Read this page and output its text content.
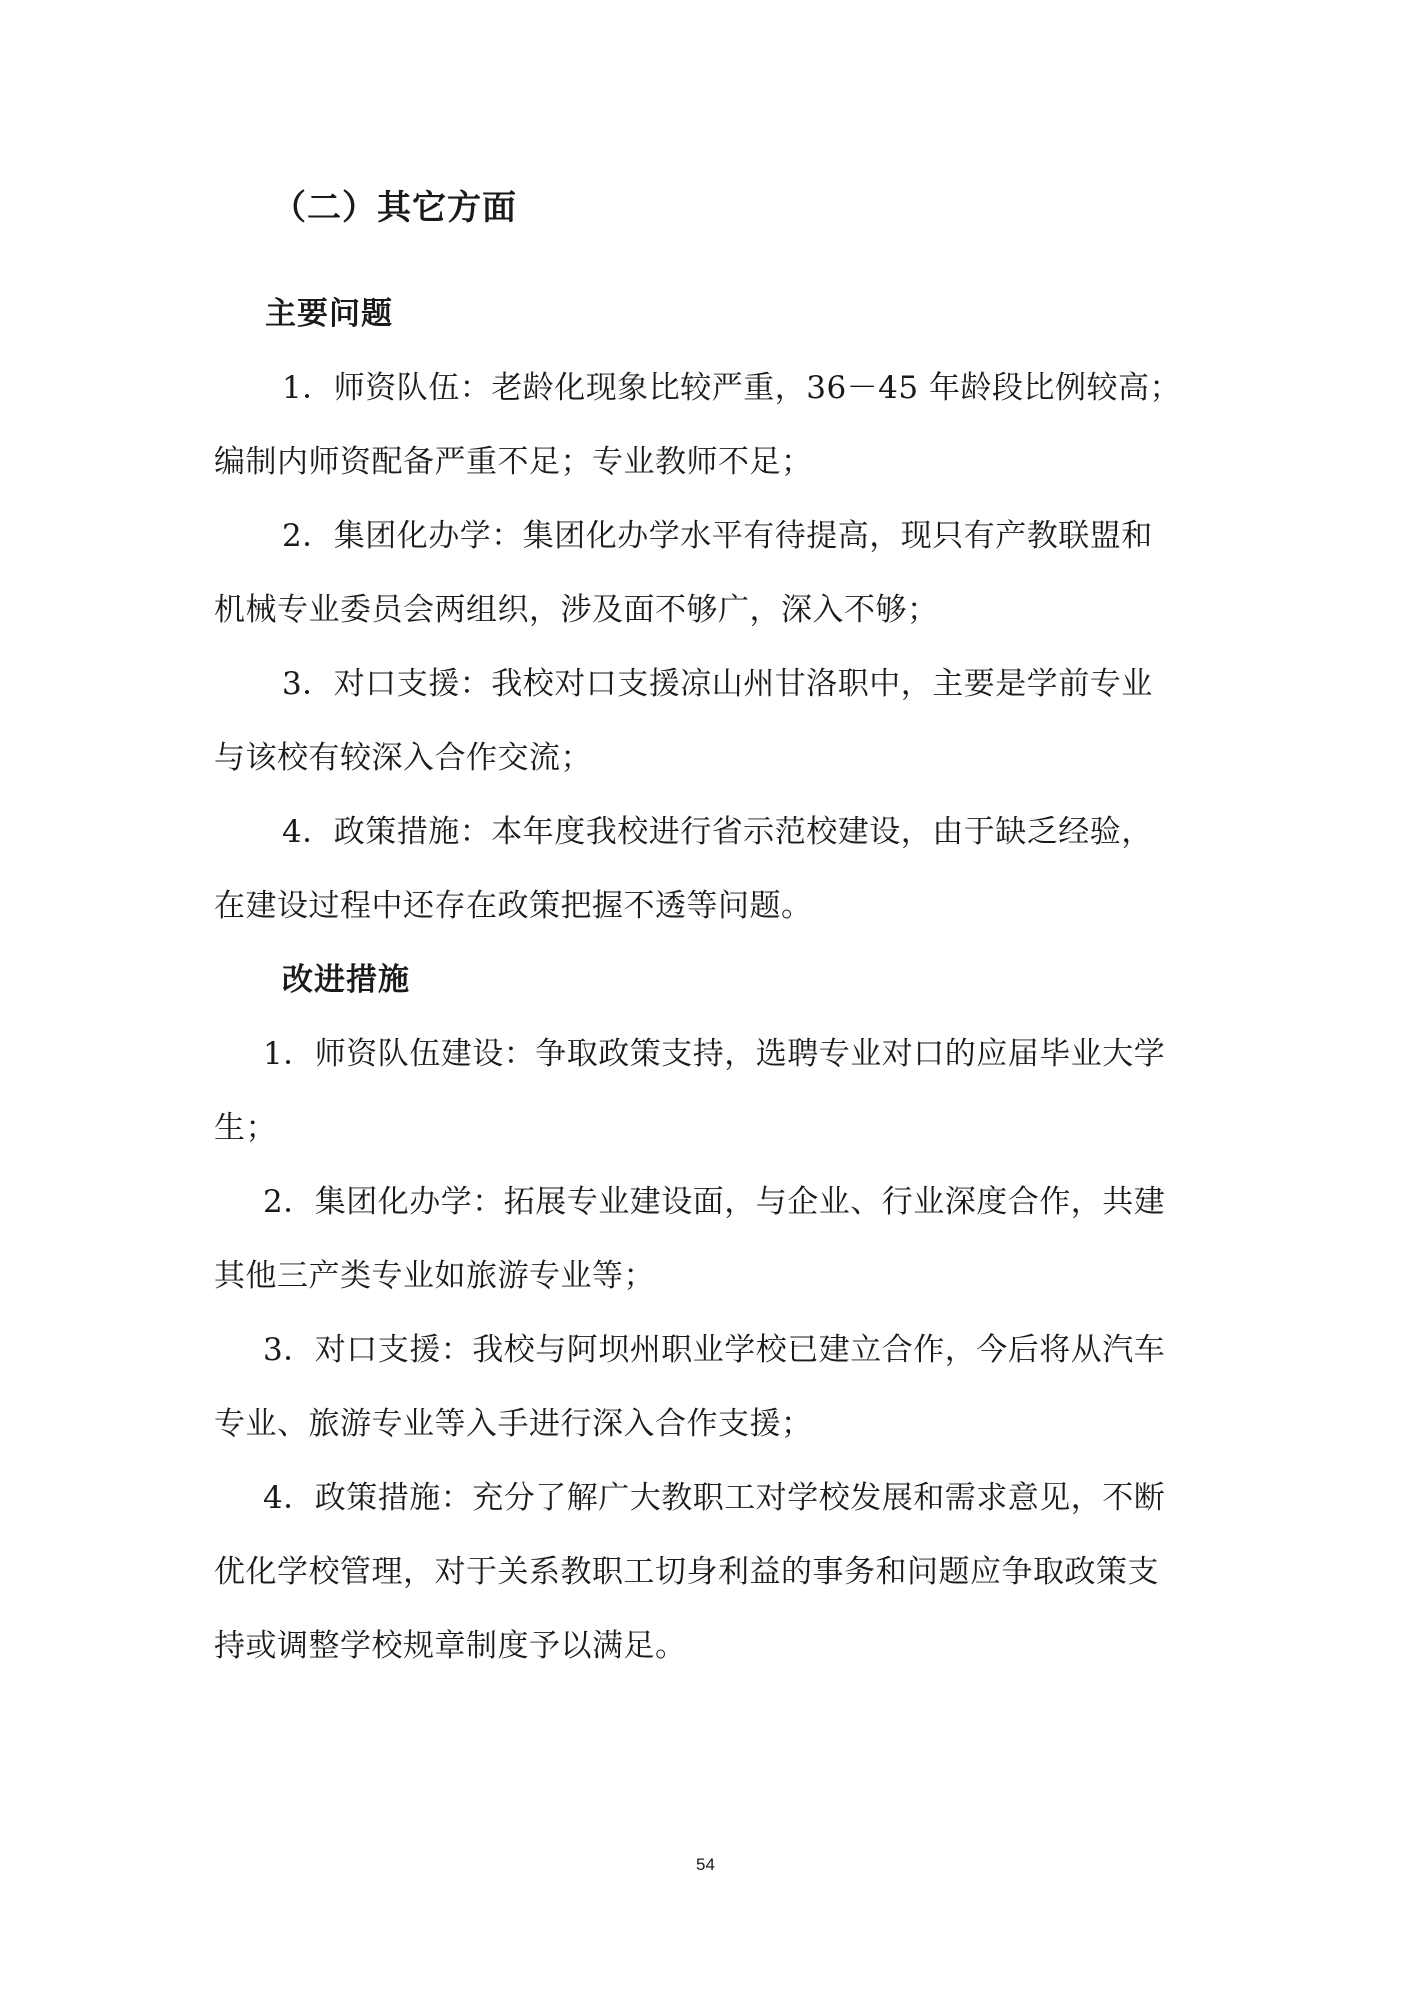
（二）其它方面
主要问题
1．师资队伍：老龄化现象比较严重，36－45 年龄段比例较高；
编制内师资配备严重不足；专业教师不足；
2．集团化办学：集团化办学水平有待提高，现只有产教联盟和
机械专业委员会两组织，涉及面不够广，深入不够；
3．对口支援：我校对口支援凉山州甘洛职中，主要是学前专业
与该校有较深入合作交流；
4．政策措施：本年度我校进行省示范校建设，由于缺乏经验，
在建设过程中还存在政策把握不透等问题。
改进措施
1．师资队伍建设：争取政策支持，选聘专业对口的应届毕业大学
生；
2．集团化办学：拓展专业建设面，与企业、行业深度合作，共建
其他三产类专业如旅游专业等；
3．对口支援：我校与阿坝州职业学校已建立合作，今后将从汽车
专业、旅游专业等入手进行深入合作支援；
4．政策措施：充分了解广大教职工对学校发展和需求意见，不断
优化学校管理，对于关系教职工切身利益的事务和问题应争取政策支
持或调整学校规章制度予以满足。
54
